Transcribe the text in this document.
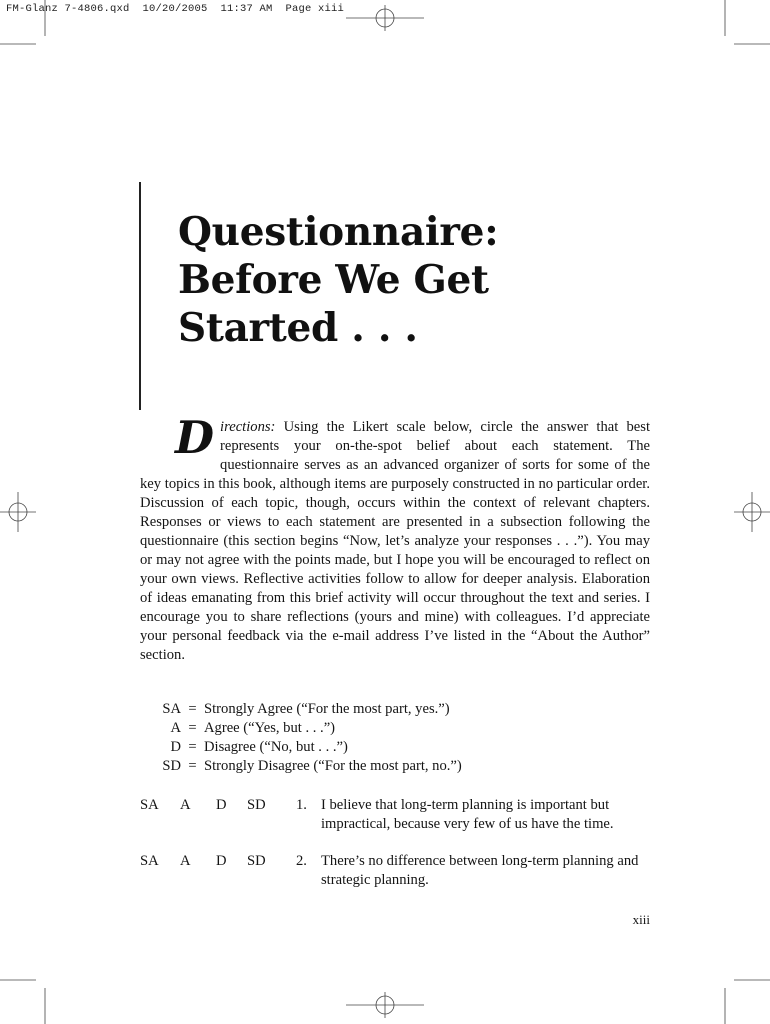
FM-Glanz 7-4806.qxd  10/20/2005  11:37 AM  Page xiii
Questionnaire:
Before We Get
Started . . .

Directions: Using the Likert scale below, circle the answer that best represents your on-the-spot belief about each statement. The questionnaire serves as an advanced organizer of sorts for some of the key topics in this book, although items are purposely constructed in no particular order. Discussion of each topic, though, occurs within the context of relevant chapters. Responses or views to each statement are presented in a subsection following the questionnaire (this section begins “Now, let’s analyze your responses . . .”). You may or may not agree with the points made, but I hope you will be encouraged to reflect on your own views. Reflective activities follow to allow for deeper analysis. Elaboration of ideas emanating from this brief activity will occur throughout the text and series. I encourage you to share reflections (yours and mine) with colleagues. I’d appreciate your personal feedback via the e-mail address I’ve listed in the “About the Author” section.

SA = Strongly Agree (“For the most part, yes.”)
A = Agree (“Yes, but . . .”)
D = Disagree (“No, but . . .”)
SD = Strongly Disagree (“For the most part, no.”)
SA A D SD 1. I believe that long-term planning is important but impractical, because very few of us have the time.
SA A D SD 2. There’s no difference between long-term planning and strategic planning.
xiii
